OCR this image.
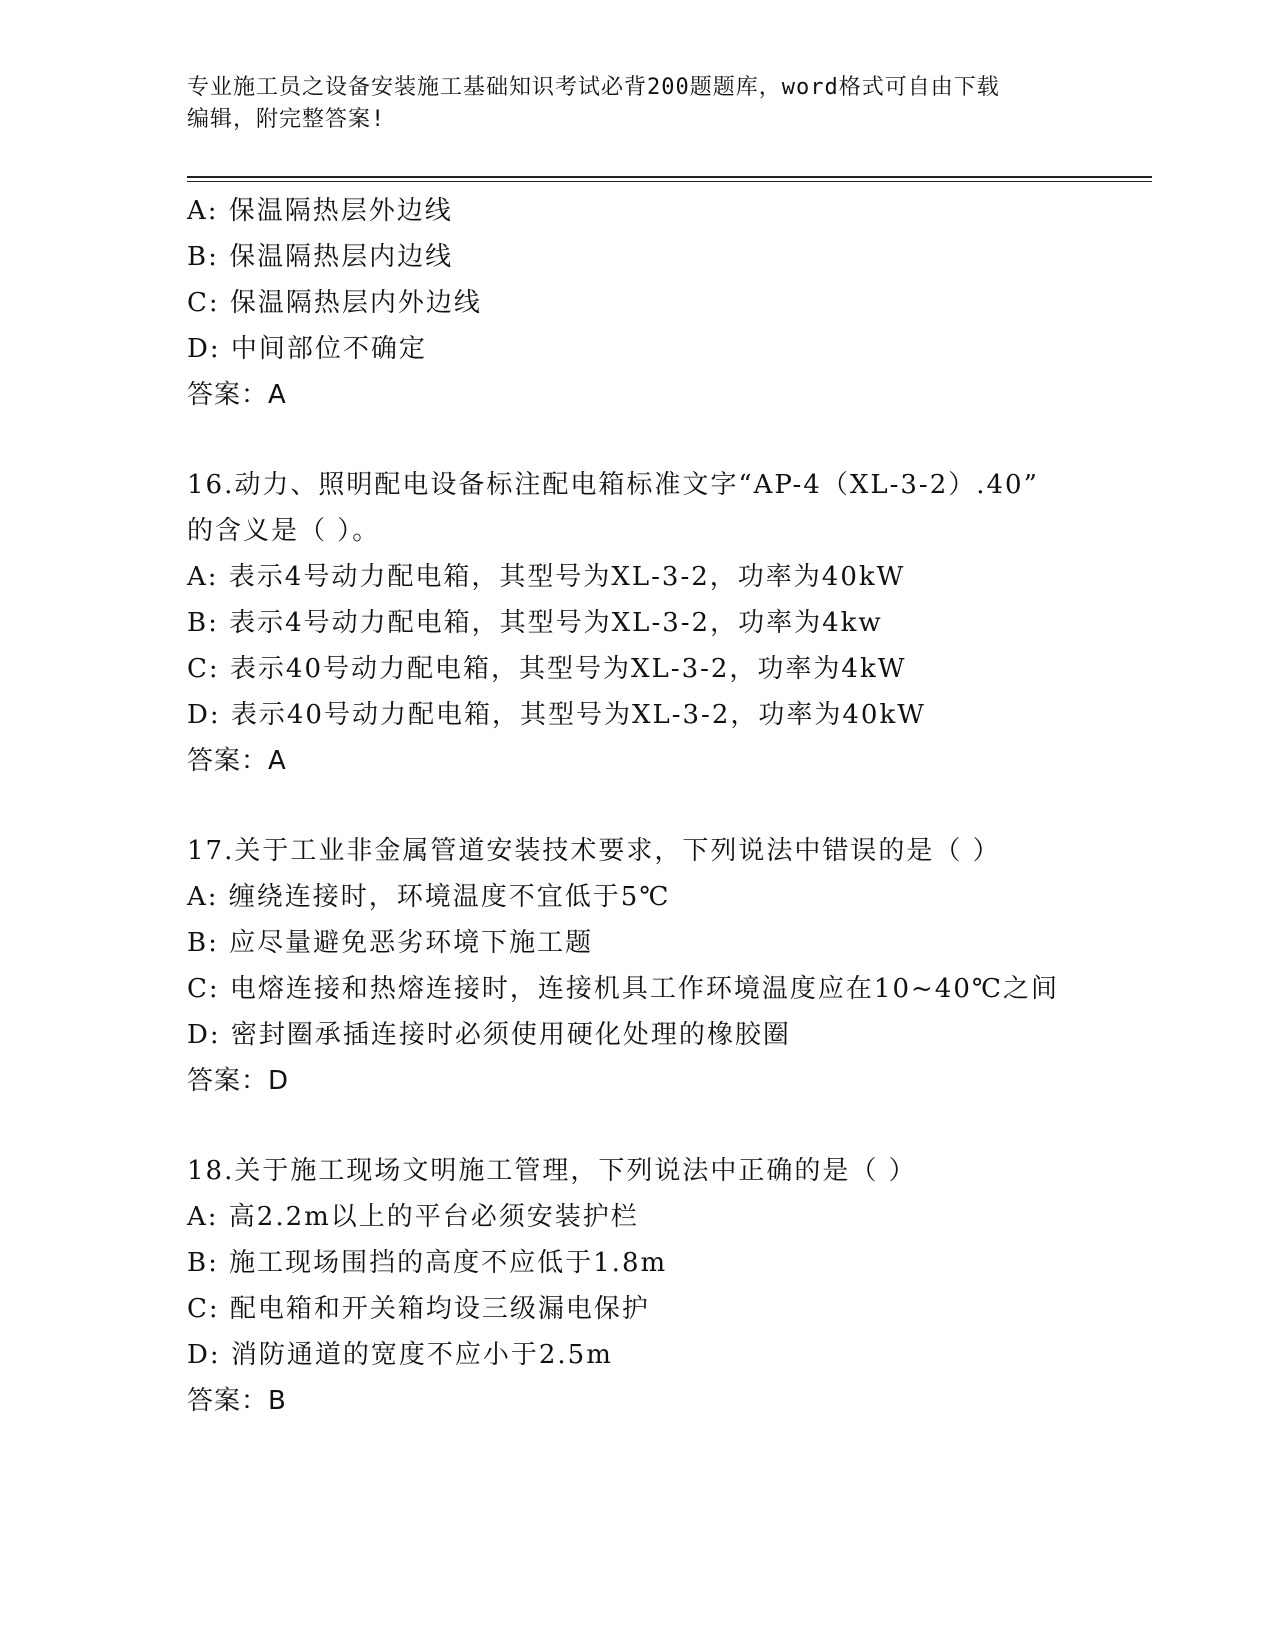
专业施工员之设备安装施工基础知识考试必背200题题库，word格式可自由下载
编辑，附完整答案!
A: 保温隔热层外边线
B: 保温隔热层内边线
C: 保温隔热层内外边线
D: 中间部位不确定
答案：A
16.动力、照明配电设备标注配电箱标准文字“AP-4（XL-3-2）.40”
的含义是（ ）。
A: 表示4号动力配电箱，其型号为XL-3-2，功率为40kW
B: 表示4号动力配电箱，其型号为XL-3-2，功率为4kw
C: 表示40号动力配电箱，其型号为XL-3-2，功率为4kW
D: 表示40号动力配电箱，其型号为XL-3-2，功率为40kW
答案：A
17.关于工业非金属管道安装技术要求，下列说法中错误的是（ ）
A: 缠绕连接时，环境温度不宜低于5℃
B: 应尽量避免恶劣环境下施工题
C: 电熔连接和热熔连接时，连接机具工作环境温度应在10~40℃之间
D: 密封圈承插连接时必须使用硬化处理的橡胶圈
答案：D
18.关于施工现场文明施工管理，下列说法中正确的是（ ）
A: 高2.2m以上的平台必须安装护栏
B: 施工现场围挡的高度不应低于1.8m
C: 配电箱和开关箱均设三级漏电保护
D: 消防通道的宽度不应小于2.5m
答案：B
